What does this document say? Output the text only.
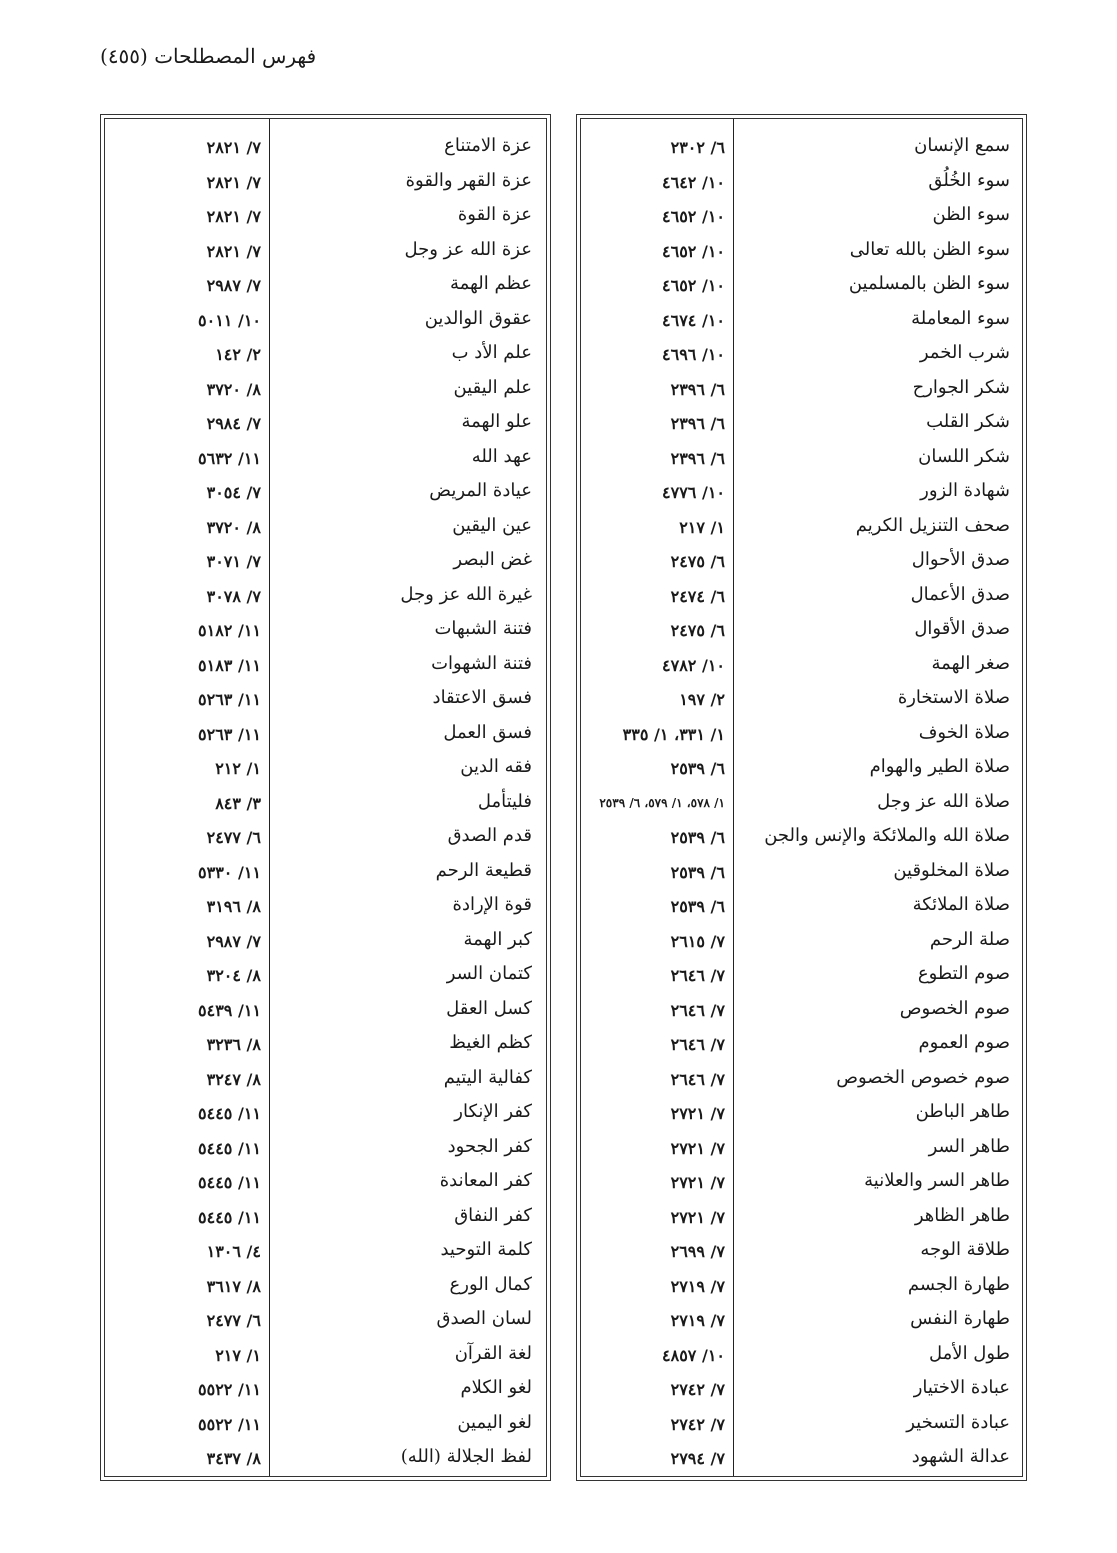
فهرس المصطلحات (٤٥٥)
سمع الإنسان
٦/ ٢٣٠٢
سوء الخُلُق
١٠/ ٤٦٤٢
سوء الظن
١٠/ ٤٦٥٢
سوء الظن بالله تعالى
١٠/ ٤٦٥٢
سوء الظن بالمسلمين
١٠/ ٤٦٥٢
سوء المعاملة
١٠/ ٤٦٧٤
شرب الخمر
١٠/ ٤٦٩٦
شكر الجوارح
٦/ ٢٣٩٦
شكر القلب
٦/ ٢٣٩٦
شكر اللسان
٦/ ٢٣٩٦
شهادة الزور
١٠/ ٤٧٧٦
صحف التنزيل الكريم
١/ ٢١٧
صدق الأحوال
٦/ ٢٤٧٥
صدق الأعمال
٦/ ٢٤٧٤
صدق الأقوال
٦/ ٢٤٧٥
صغر الهمة
١٠/ ٤٧٨٢
صلاة الاستخارة
٢/ ١٩٧
صلاة الخوف
١/ ٣٣١، ١/ ٣٣٥
صلاة الطير والهوام
٦/ ٢٥٣٩
صلاة الله عز وجل
١/ ٥٧٨، ١/ ٥٧٩، ٦/ ٢٥٣٩
صلاة الله والملائكة والإنس والجن
٦/ ٢٥٣٩
صلاة المخلوقين
٦/ ٢٥٣٩
صلاة الملائكة
٦/ ٢٥٣٩
صلة الرحم
٧/ ٢٦١٥
صوم التطوع
٧/ ٢٦٤٦
صوم الخصوص
٧/ ٢٦٤٦
صوم العموم
٧/ ٢٦٤٦
صوم خصوص الخصوص
٧/ ٢٦٤٦
طاهر الباطن
٧/ ٢٧٢١
طاهر السر
٧/ ٢٧٢١
طاهر السر والعلانية
٧/ ٢٧٢١
طاهر الظاهر
٧/ ٢٧٢١
طلاقة الوجه
٧/ ٢٦٩٩
طهارة الجسم
٧/ ٢٧١٩
طهارة النفس
٧/ ٢٧١٩
طول الأمل
١٠/ ٤٨٥٧
عبادة الاختيار
٧/ ٢٧٤٢
عبادة التسخير
٧/ ٢٧٤٢
عدالة الشهود
٧/ ٢٧٩٤
عزة الامتناع
٧/ ٢٨٢١
عزة القهر والقوة
٧/ ٢٨٢١
عزة القوة
٧/ ٢٨٢١
عزة الله عز وجل
٧/ ٢٨٢١
عظم الهمة
٧/ ٢٩٨٧
عقوق الوالدين
١٠/ ٥٠١١
علم الأد ب
٢/ ١٤٢
علم اليقين
٨/ ٣٧٢٠
علو الهمة
٧/ ٢٩٨٤
عهد الله
١١/ ٥٦٣٢
عيادة المريض
٧/ ٣٠٥٤
عين اليقين
٨/ ٣٧٢٠
غض البصر
٧/ ٣٠٧١
غيرة الله عز وجل
٧/ ٣٠٧٨
فتنة الشبهات
١١/ ٥١٨٢
فتنة الشهوات
١١/ ٥١٨٣
فسق الاعتقاد
١١/ ٥٢٦٣
فسق العمل
١١/ ٥٢٦٣
فقه الدين
١/ ٢١٢
فليتأمل
٣/ ٨٤٣
قدم الصدق
٦/ ٢٤٧٧
قطيعة الرحم
١١/ ٥٣٣٠
قوة الإرادة
٨/ ٣١٩٦
كبر الهمة
٧/ ٢٩٨٧
كتمان السر
٨/ ٣٢٠٤
كسل العقل
١١/ ٥٤٣٩
كظم الغيظ
٨/ ٣٢٣٦
كفالية اليتيم
٨/ ٣٢٤٧
كفر الإنكار
١١/ ٥٤٤٥
كفر الجحود
١١/ ٥٤٤٥
كفر المعاندة
١١/ ٥٤٤٥
كفر النفاق
١١/ ٥٤٤٥
كلمة التوحيد
٤/ ١٣٠٦
كمال الورع
٨/ ٣٦١٧
لسان الصدق
٦/ ٢٤٧٧
لغة القرآن
١/ ٢١٧
لغو الكلام
١١/ ٥٥٢٢
لغو اليمين
١١/ ٥٥٢٢
لفظ الجلالة (الله)
٨/ ٣٤٣٧
